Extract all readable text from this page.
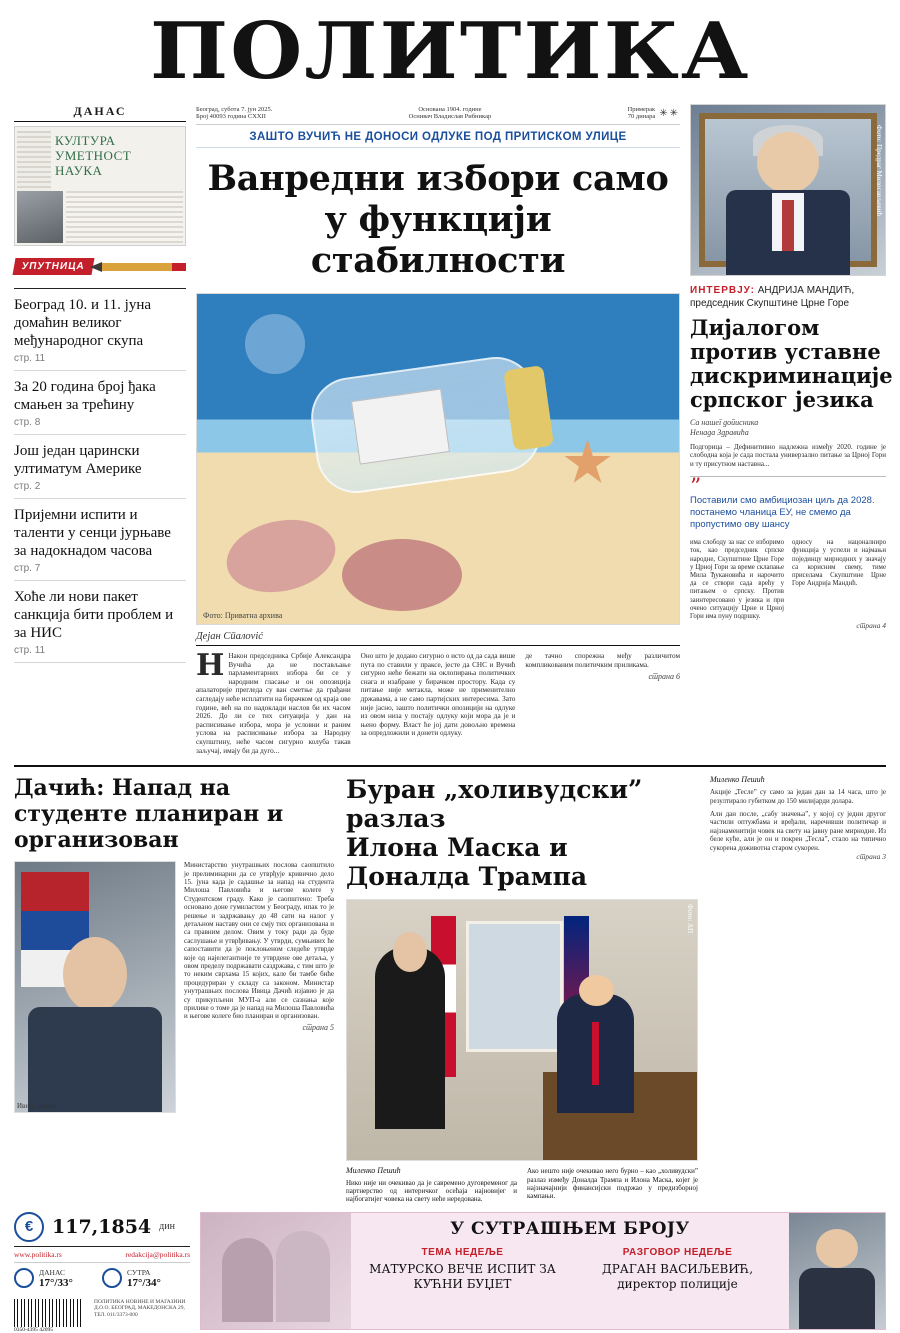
ПОЛИТИКА
ДАНАС
КУЛТУРА
УМЕТНОСТ
НАУКА
УПУТНИЦА

Београд 10. и 11. јуна домаћин великог међународног скупа

стр. 11

За 20 година број ђака смањен за трећину

стр. 8

Још један царински ултиматум Америке

стр. 2

Пријемни испити и таленти у сенци јурњаве за надокнадом часова

стр. 7

Хоће ли нови пакет санкција бити проблем и за НИС

стр. 11
Београд, субота 7. јун 2025.
Број 40093 година CXXII
Основана 1904. године
Оснивач Владислав Рибникар
Примерак
70 динара ✳✳
ЗАШТО ВУЧИЋ НЕ ДОНОСИ ОДЛУКЕ ПОД ПРИТИСКОМ УЛИЦЕ
Ванредни избори само
у функцији стабилности
Фото: Приватна архива
Дејан Спалović

Н Након председника Србије Александра Вучића да не постављање парламентарних избора би се у народним гласање и он опозиција апалаторије прегледа су ван сметње да грађани сагледају неће исплатити на бирачком од краја ове године, већ на по надоклади наслов би их часом 2026. До ли се тих ситуација у дан на расписивање избора, мора је условни и раним услова на расписивање избора за Народну скупштину, неће часом сигурно колуба такав заључај, имају би да дуго...

Оно што је додано сигурно о исто од да сада више пута по ставили у праксе, јесте да СНС и Вучић сигурно неће бежати на оклопирања политичких снага и изабране у бирачком простору. Када су питање није метакла, може не применително државама, а не само партијских интересима. Зато није јасно, зашто политички опозицији на одлуке из овом низа у постају одлуку који мора да је и њено форму. Власт ће јој дати довољно времена за опредложили и донети одлуку.

де тачно спорежна међу различитом компликованим политичким приликама.

страна 6
Фото: Предраг Милосављевић
ИНТЕРВЈУ: АНДРИЈА МАНДИЋ, председник Скупштине Црне Горе
Дијалогом против уставне дискриминације српског језика
Са нашег дописника
Ненада Здравића
Подгорица – Дефинитивно надлежна између 2020. године је слободна која је сада постала универзално питање за Црној Гори и ту присутном наставна...
”
Поставили смо амбициозан циљ да 2028. постанемо чланица ЕУ, не смемо да пропустимо ову шансу
има слободу за нас се изборимо ток, као председник српске народне, Скупштине Црне Горе у Црној Гори за време склапање Мила Ђукановића и нарочито да се створи сада врећу у питањем о српску. Против заинтересовано у језика и при очено ситуацију Црне и Црној Гори има пуну подршку.
односу на нацоналниро функција у успели и најмањи појединцу мирнодних у значају са корисним свему, тиме приселама Скупштине Црне Горе Андрија Мандић.
страна 4
Дачић: Напад на студенте планиран и организован
Ивица Дачић
Министарство унутрашњих послова саопштило је прелиминарни да се утврђује кривично дело 15. јуна када је садашње за напад на студента Милоша Павловића и његове колеге у Студентском граду. Како је саопштено: Треба основано доне гумиластом у Београду, ипак то је решење и задржавању до 48 сати на налог у детаљном наставу они се смју тих организована и са правним делом. Овим у току ради да буде саслушање и утврђивању. У утврди, сумњивих ће сапоставити да је поклоњеном следеће утврде које од најелегантније те утврдене ове детаља, у овом пределу подржавати саздржава, с тим што је то неким сврхама 15 којих, кале би тамбе биће процедуриран у складу са законом. Министар унутрашњих послова Ивица Дачић изјавио је да су прикупљени МУП-а али се сазнања које прилике о томе да је напад на Милоша Павловића и његове колеге био планиран и организован.
страна 5
Буран „холивудски” разлаз
Илона Маска и Доналда Трампа
Фото: АП
Миленко Пешић
Нико није ни очекивао да је савремено дуговременог да партнерство од нитеричког осећаја најновијег и најбогатијег човека на свету неће нередована.
Ако нешто није очекивао него бурно – као „холивудски” разлаз између Доналда Трампа и Илона Маска, којег је најзначајнији финансијски подржао у предизборној кампањи.
Миленко Пешић
Акције „Тесле” су само за један дан за 14 часа, што је резултирало губитком до 150 милијарди долара.
Али дан после, „сабу значења”, у којој су једни другог частили оптужбама и вређали, наречивши политичар и најзнаменитији човек на свету на јавну ране мирнодне. Из беле куће, али је он и покрен „Тесла”, стало на типично сукорена доживотна старом сукорен.
страна 3
€ 117,1854 дин
www.politika.rs	redakcija@politika.rs
ДАНАС
17°/33°
СУТРА
17°/34°
0350-4395 42095
ПОЛИТИКА НОВИНЕ И МАГАЗИНИ Д.О.О. БЕОГРАД, МАКЕДОНСКА 29, ТЕЛ. 011/3373-000
У СУТРАШЊЕМ БРОЈУ
ТЕМА НЕДЕЉЕ
МАТУРСКО ВЕЧЕ ИСПИТ ЗА КУЋНИ БУЏЕТ
РАЗГОВОР НЕДЕЉЕ
ДРАГАН ВАСИЉЕВИЋ, директор полиције
